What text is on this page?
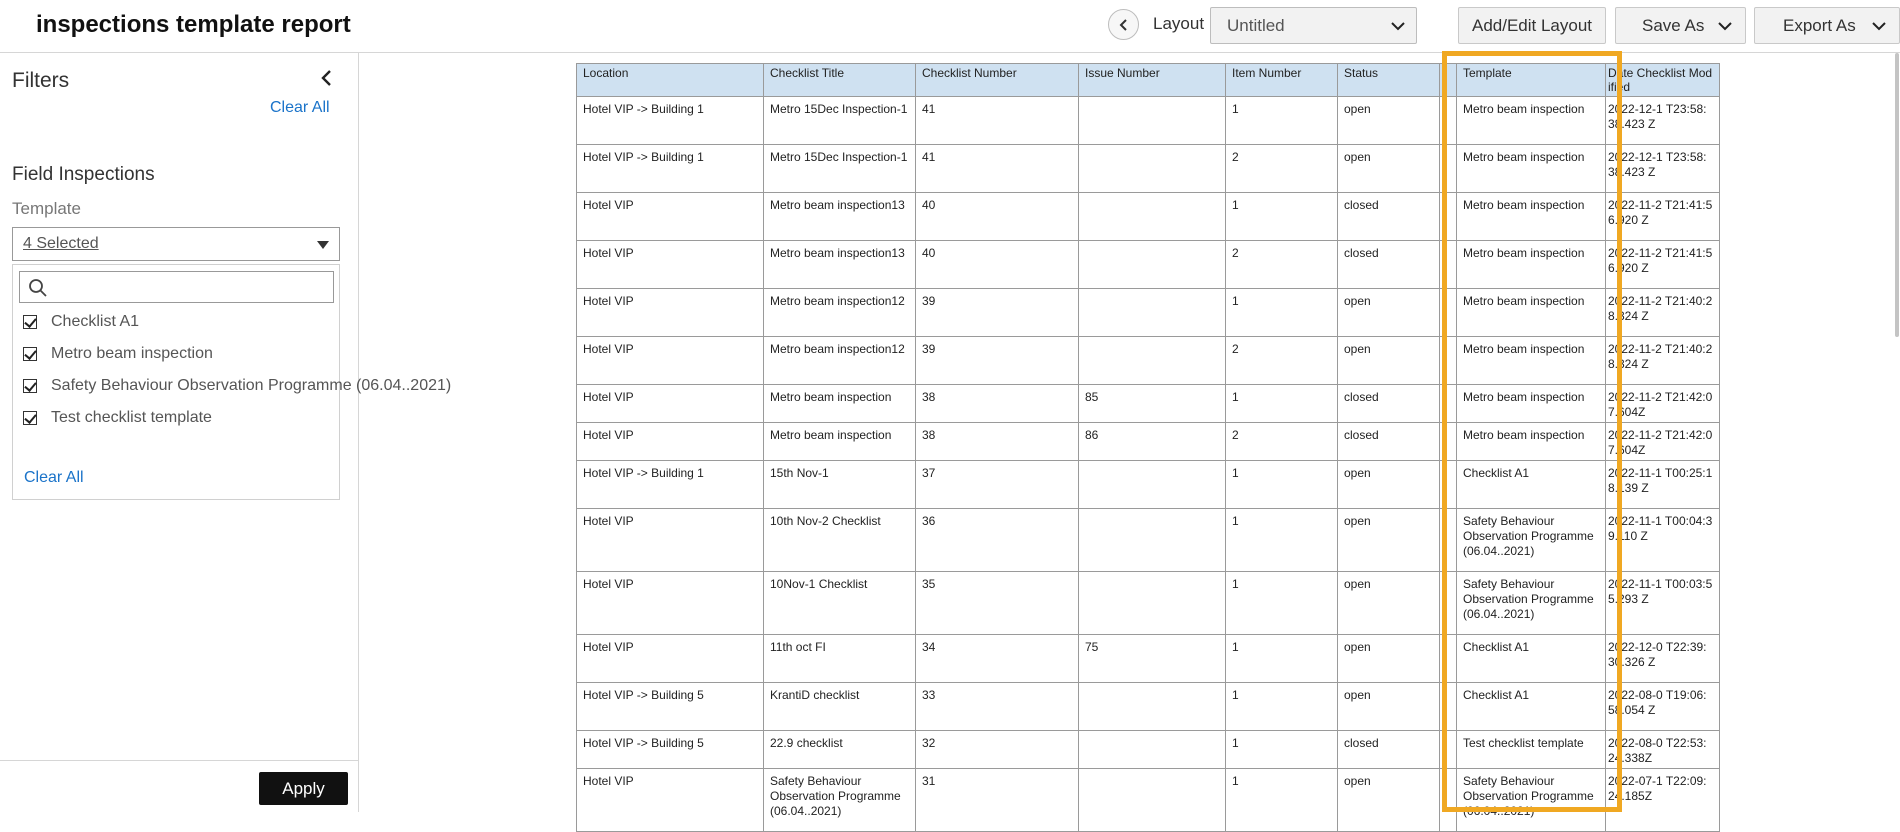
inspections template report	Layout Untitled	Add/Edit Layout	Save As	Export As
Filters
Clear All
Field Inspections
Template
4 Selected
Checklist A1
Metro beam inspection
Safety Behaviour Observation Programme (06.04..2021)
Test checklist template
Clear All
Apply
Location	Checklist Title	Checklist Number	Issue Number	Item Number	Status		Template	Date Checklist Modified
Hotel VIP -> Building 1	Metro 15Dec Inspection-1	41		1	open		Metro beam inspection	2022-12-1 T23:58:38.423 Z
Hotel VIP -> Building 1	Metro 15Dec Inspection-1	41		2	open		Metro beam inspection	2022-12-1 T23:58:38.423 Z
Hotel VIP	Metro beam inspection13	40		1	closed		Metro beam inspection	2022-11-2 T21:41:56.920 Z
Hotel VIP	Metro beam inspection13	40		2	closed		Metro beam inspection	2022-11-2 T21:41:56.920 Z
Hotel VIP	Metro beam inspection12	39		1	open		Metro beam inspection	2022-11-2 T21:40:28.324 Z
Hotel VIP	Metro beam inspection12	39		2	open		Metro beam inspection	2022-11-2 T21:40:28.324 Z
Hotel VIP	Metro beam inspection	38	85	1	closed		Metro beam inspection	2022-11-2 T21:42:07.604Z
Hotel VIP	Metro beam inspection	38	86	2	closed		Metro beam inspection	2022-11-2 T21:42:07.604Z
Hotel VIP -> Building 1	15th Nov-1	37		1	open		Checklist A1	2022-11-1 T00:25:18.139 Z
Hotel VIP	10th Nov-2 Checklist	36		1	open		Safety Behaviour Observation Programme (06.04..2021)	2022-11-1 T00:04:39.110 Z
Hotel VIP	10Nov-1 Checklist	35		1	open		Safety Behaviour Observation Programme (06.04..2021)	2022-11-1 T00:03:55.293 Z
Hotel VIP	11th oct FI	34	75	1	open		Checklist A1	2022-12-0 T22:39:30.326 Z
Hotel VIP -> Building 5	KrantiD checklist	33		1	open		Checklist A1	2022-08-0 T19:06:58.054 Z
Hotel VIP -> Building 5	22.9 checklist	32		1	closed		Test checklist template	2022-08-0 T22:53:24.338Z
Hotel VIP	Safety Behaviour Observation Programme (06.04..2021)	31		1	open		Safety Behaviour Observation Programme (06.04..2021)	2022-07-1 T22:09:24.185Z
